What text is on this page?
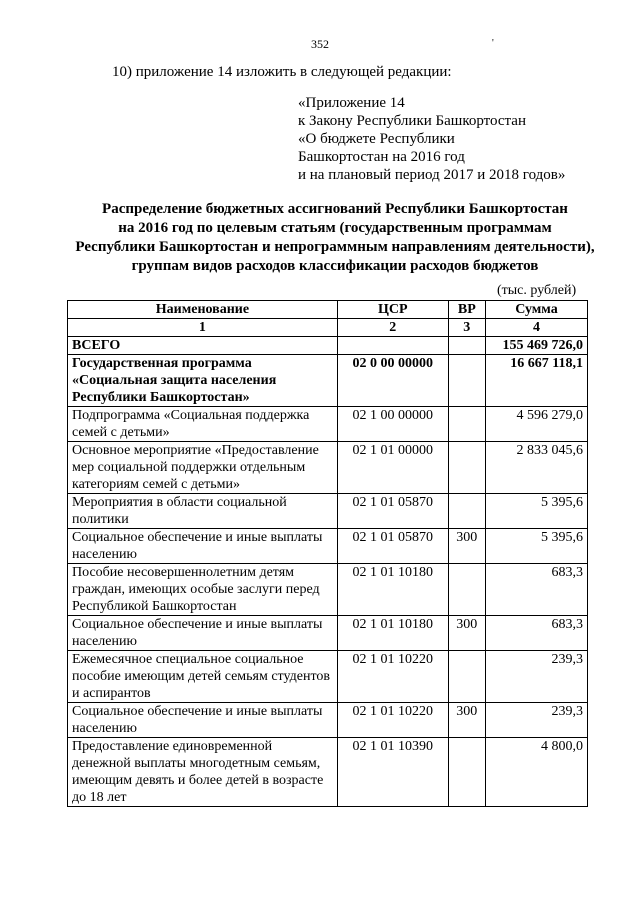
352	'
10) приложение 14 изложить в следующей редакции:
«Приложение 14
к Закону Республики Башкортостан
«О бюджете Республики
Башкортостан на 2016 год
и на плановый период 2017 и 2018 годов»
Распределение бюджетных ассигнований Республики Башкортостан
на 2016 год по целевым статьям (государственным программам
Республики Башкортостан и непрограммным направлениям деятельности),
группам видов расходов классификации расходов бюджетов
(тыс. рублей)
Наименование	ЦСР	ВР	Сумма
1	2	3	4
ВСЕГО			155 469 726,0
Государственная программа «Социальная защита населения Республики Башкортостан»	02 0 00 00000		16 667 118,1
Подпрограмма «Социальная поддержка семей с детьми»	02 1 00 00000		4 596 279,0
Основное мероприятие «Предоставление мер социальной поддержки отдельным категориям семей с детьми»	02 1 01 00000		2 833 045,6
Мероприятия в области социальной политики	02 1 01 05870		5 395,6
Социальное обеспечение и иные выплаты населению	02 1 01 05870	300	5 395,6
Пособие несовершеннолетним детям граждан, имеющих особые заслуги перед Республикой Башкортостан	02 1 01 10180		683,3
Социальное обеспечение и иные выплаты населению	02 1 01 10180	300	683,3
Ежемесячное специальное социальное пособие имеющим детей семьям студентов и аспирантов	02 1 01 10220		239,3
Социальное обеспечение и иные выплаты населению	02 1 01 10220	300	239,3
Предоставление единовременной денежной выплаты многодетным семьям, имеющим девять и более детей в возрасте до 18 лет	02 1 01 10390		4 800,0
